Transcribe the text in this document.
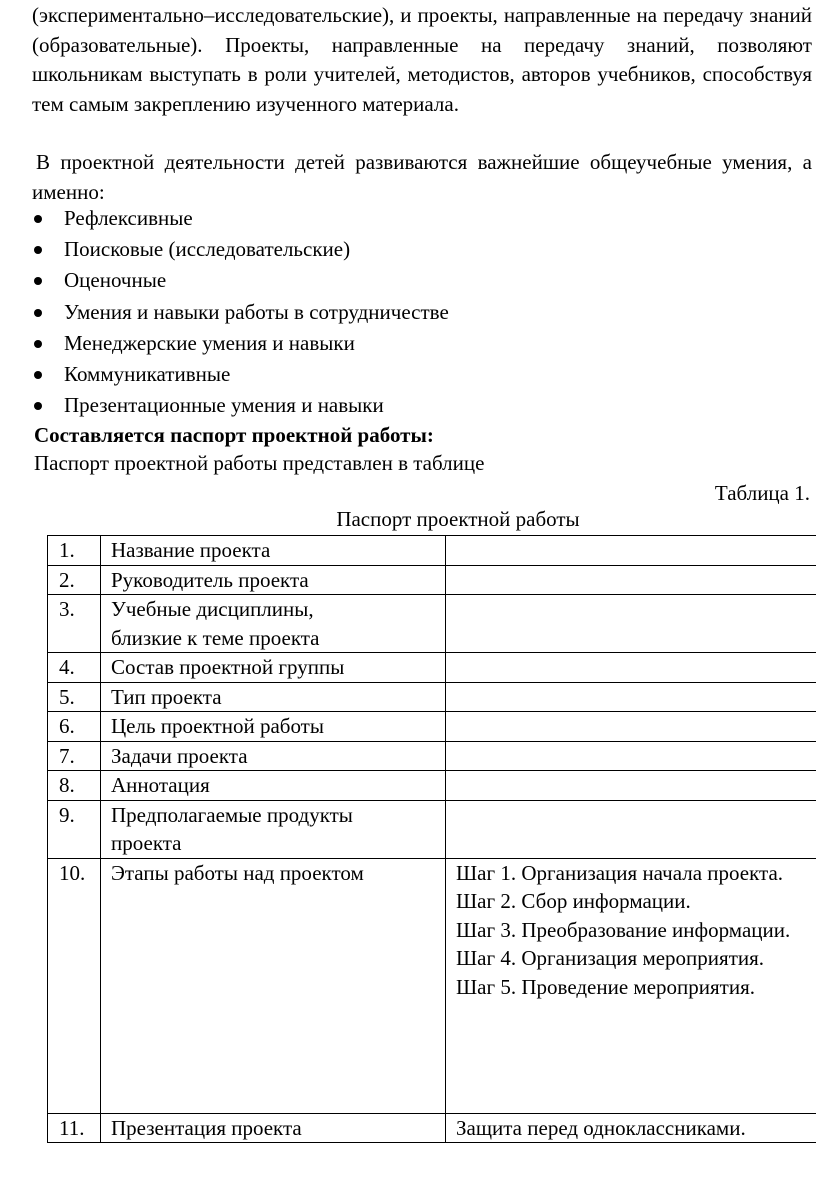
(экспериментально–исследовательские), и проекты, направленные на передачу знаний (образовательные). Проекты, направленные на передачу знаний, позволяют школьникам выступать в роли учителей, методистов, авторов учебников, способствуя тем самым закреплению изученного материала.

В проектной деятельности детей развиваются важнейшие общеучебные умения, а именно:

Рефлексивные
Поисковые (исследовательские)
Оценочные
Умения и навыки работы в сотрудничестве
Менеджерские умения и навыки
Коммуникативные
Презентационные умения и навыки

Составляется паспорт проектной работы:

Паспорт проектной работы представлен в таблице

Таблица 1.

Паспорт проектной работы

1.	Название проекта	
2.	Руководитель проекта	
3.	Учебные дисциплины, близкие к теме проекта	
4.	Состав проектной группы	
5.	Тип проекта	
6.	Цель проектной работы	
7.	Задачи проекта	
8.	Аннотация	
9.	Предполагаемые продукты проекта	
10.	Этапы работы над проектом	Шаг 1. Организация начала проекта.
Шаг 2. Сбор информации.
Шаг 3. Преобразование информации.
Шаг 4. Организация мероприятия.
Шаг 5. Проведение мероприятия.

11.	Презентация проекта	Защита перед одноклассниками.
